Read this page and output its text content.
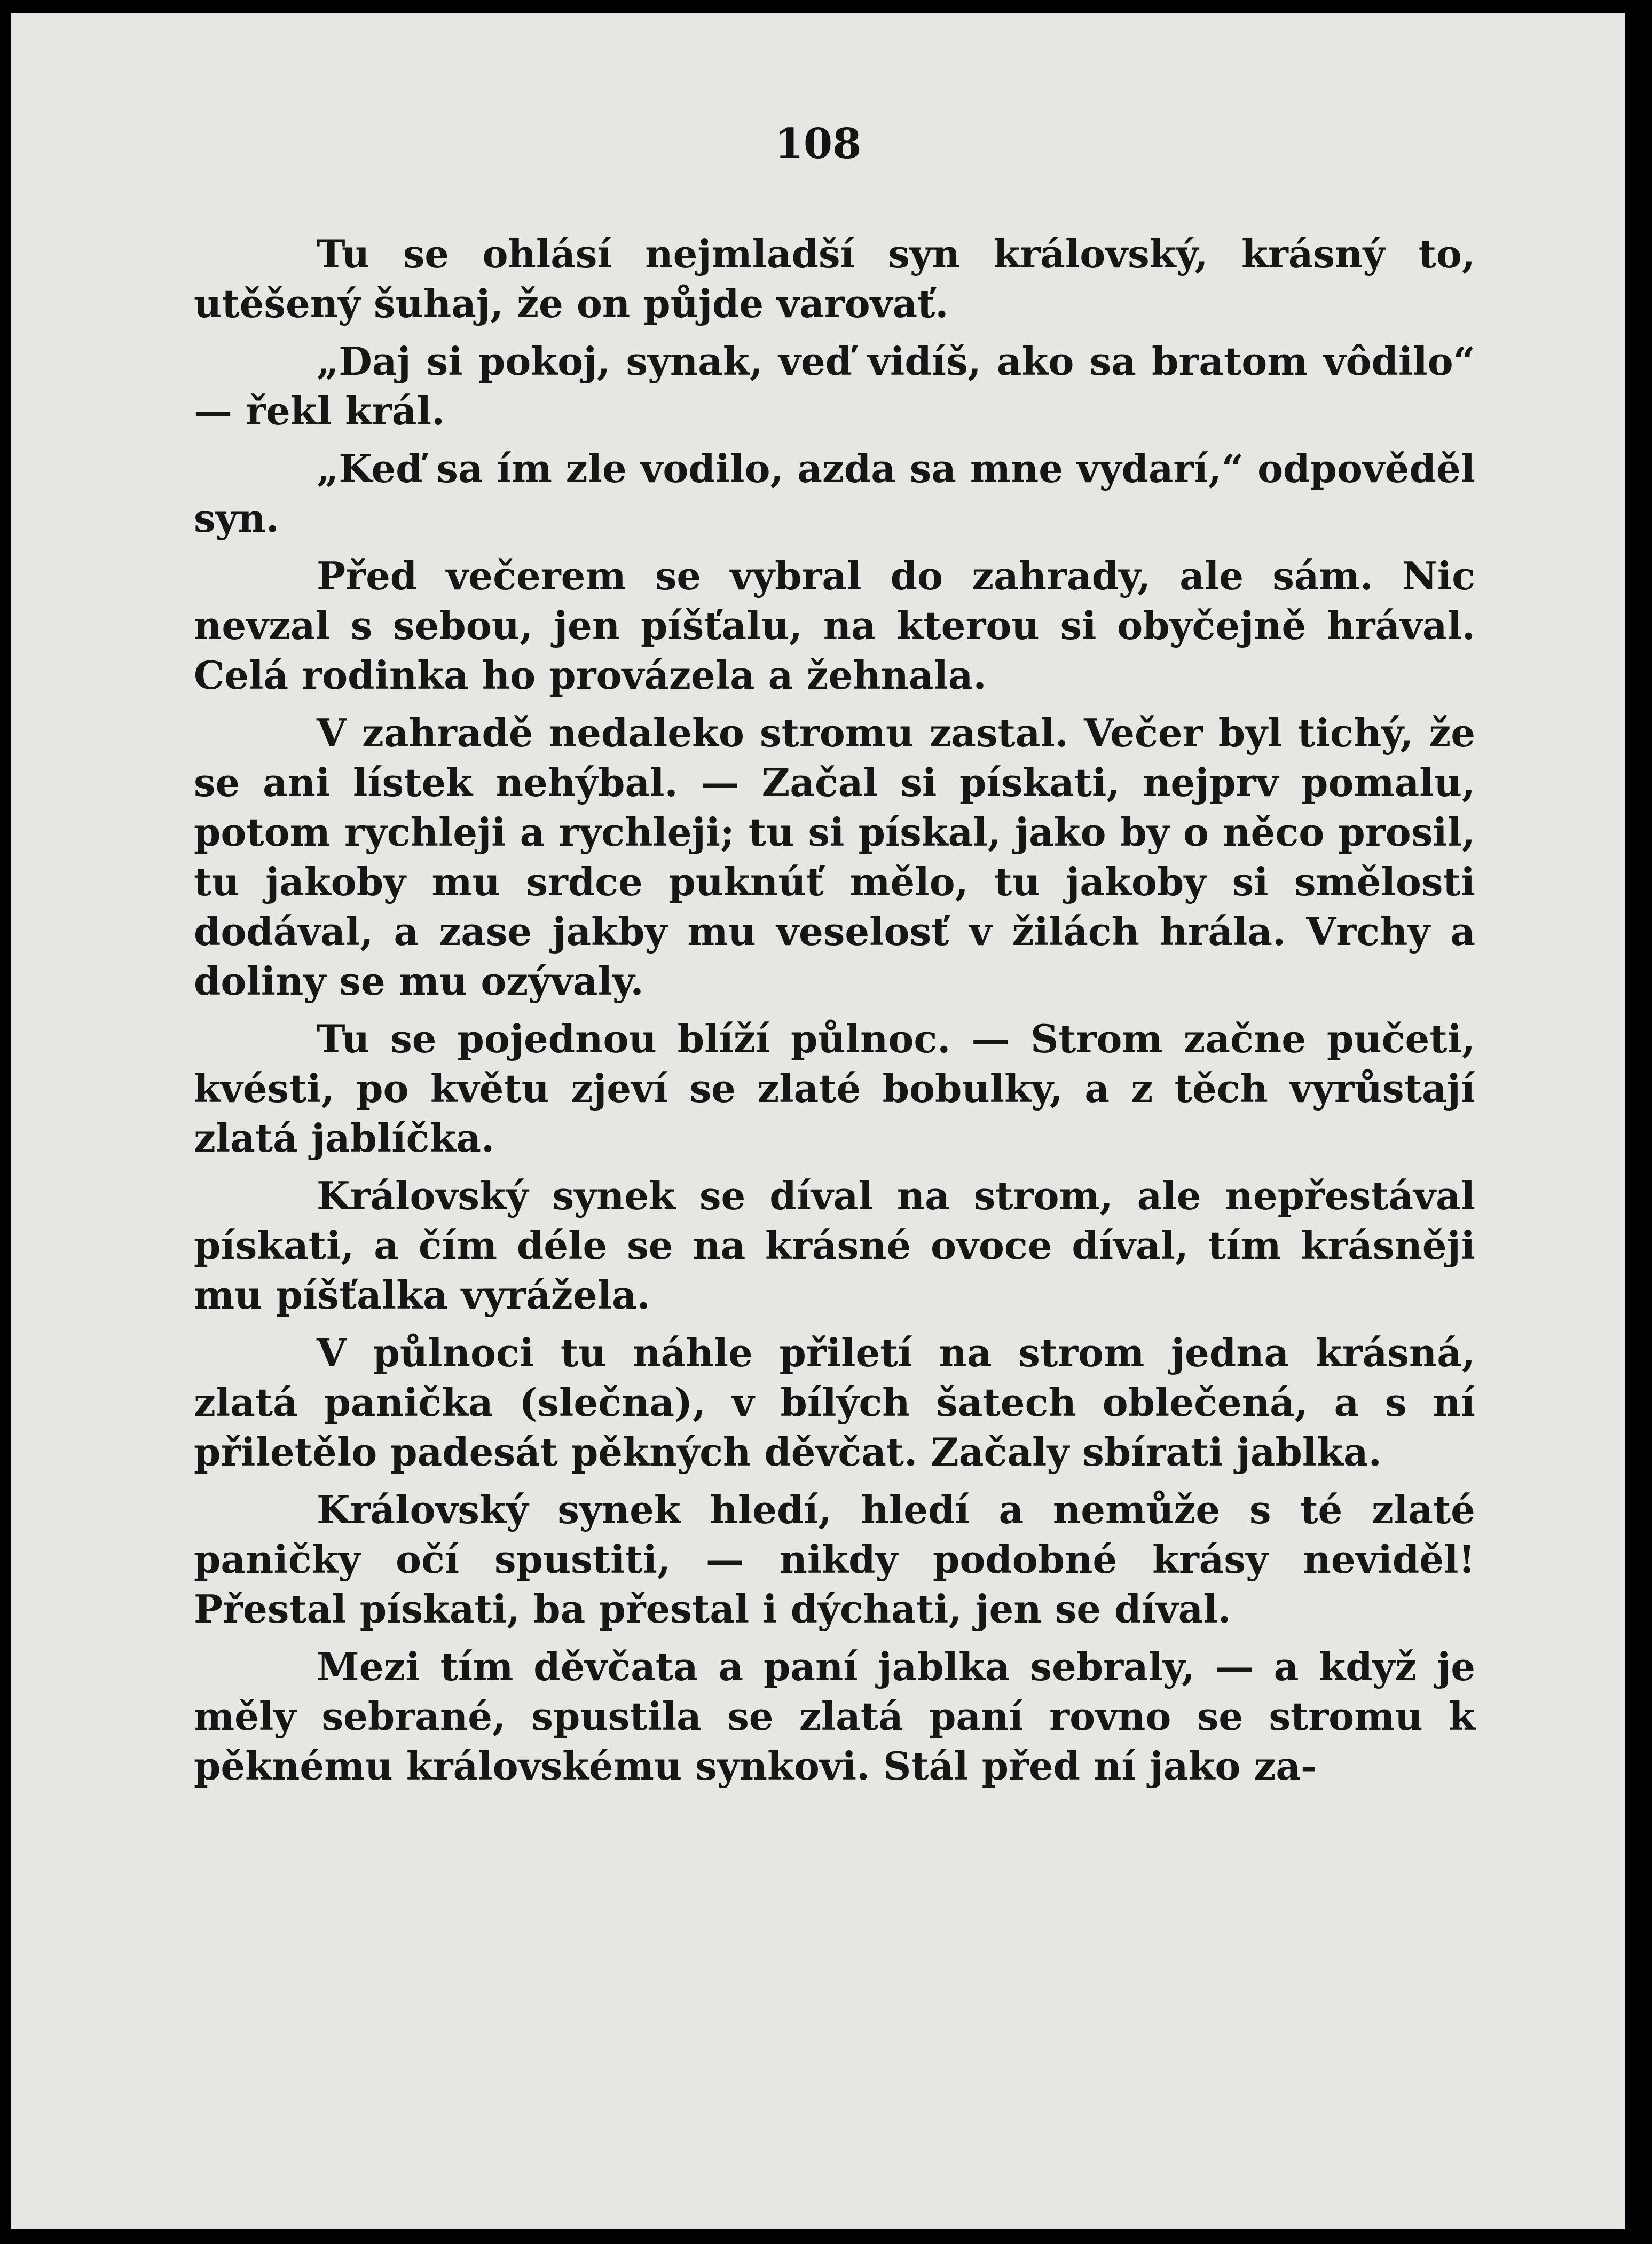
108

Tu se ohlásí nejmladší syn královský, krásný to, utěšený šuhaj, že on půjde varovať.

„Daj si pokoj, synak, veď vidíš, ako sa bratom vôdilo“ — řekl král.

„Keď sa ím zle vodilo, azda sa mne vydarí,“ odpověděl syn.

Před večerem se vybral do zahrady, ale sám. Nic nevzal s sebou, jen píšťalu, na kterou si obyčejně hrával. Celá rodinka ho provázela a žehnala.

V zahradě nedaleko stromu zastal. Večer byl tichý, že se ani lístek nehýbal. — Začal si pískati, nejprv pomalu, potom rychleji a rychleji; tu si pískal, jako by o něco prosil, tu jakoby mu srdce puknúť mělo, tu jakoby si smělosti dodával, a zase jakby mu veselosť v žilách hrála. Vrchy a doliny se mu ozývaly.

Tu se pojednou blíží půlnoc. — Strom začne pučeti, kvésti, po květu zjeví se zlaté bobulky, a z těch vyrůstají zlatá jablíčka.

Královský synek se díval na strom, ale nepřestával pískati, a čím déle se na krásné ovoce díval, tím krásněji mu píšťalka vyrážela.

V půlnoci tu náhle přiletí na strom jedna krásná, zlatá panička (slečna), v bílých šatech oblečená, a s ní přiletělo padesát pěkných děvčat. Začaly sbírati jablka.

Královský synek hledí, hledí a nemůže s té zlaté paničky očí spustiti, — nikdy podobné krásy neviděl! Přestal pískati, ba přestal i dýchati, jen se díval.

Mezi tím děvčata a paní jablka sebraly, — a když je měly sebrané, spustila se zlatá paní rovno se stromu k pěknému královskému synkovi. Stál před ní jako za-
